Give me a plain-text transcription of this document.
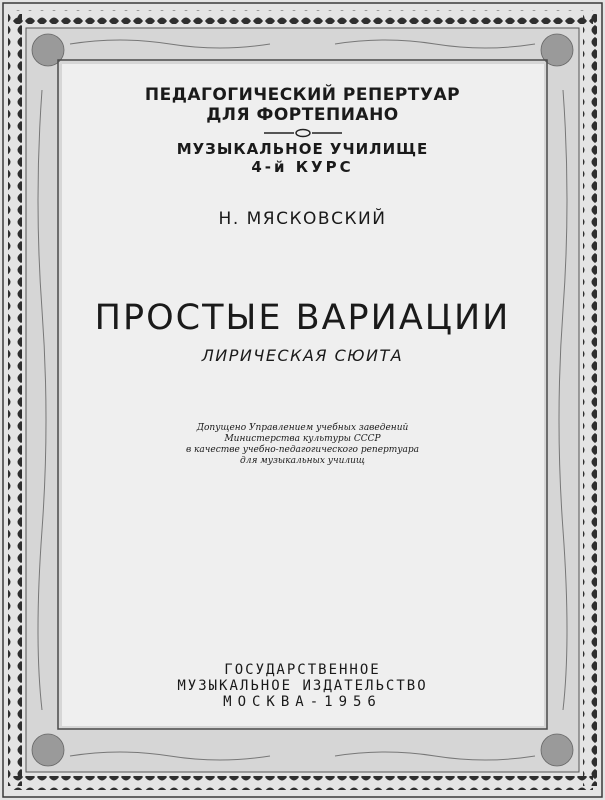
ПЕДАГОГИЧЕСКИЙ РЕПЕРТУАР
ДЛЯ ФОРТЕПИАНО
МУЗЫКАЛЬНОЕ УЧИЛИЩЕ
4-й КУРС
Н. МЯСКОВСКИЙ
ПРОСТЫЕ ВАРИАЦИИ
ЛИРИЧЕСКАЯ СЮИТА
Допущено Управлением учебных заведений
Министерства культуры СССР
в качестве учебно-педагогического репертуара
для музыкальных училищ
ГОСУДАРСТВЕННОЕ
МУЗЫКАЛЬНОЕ ИЗДАТЕЛЬСТВО
МОСКВА-1956
